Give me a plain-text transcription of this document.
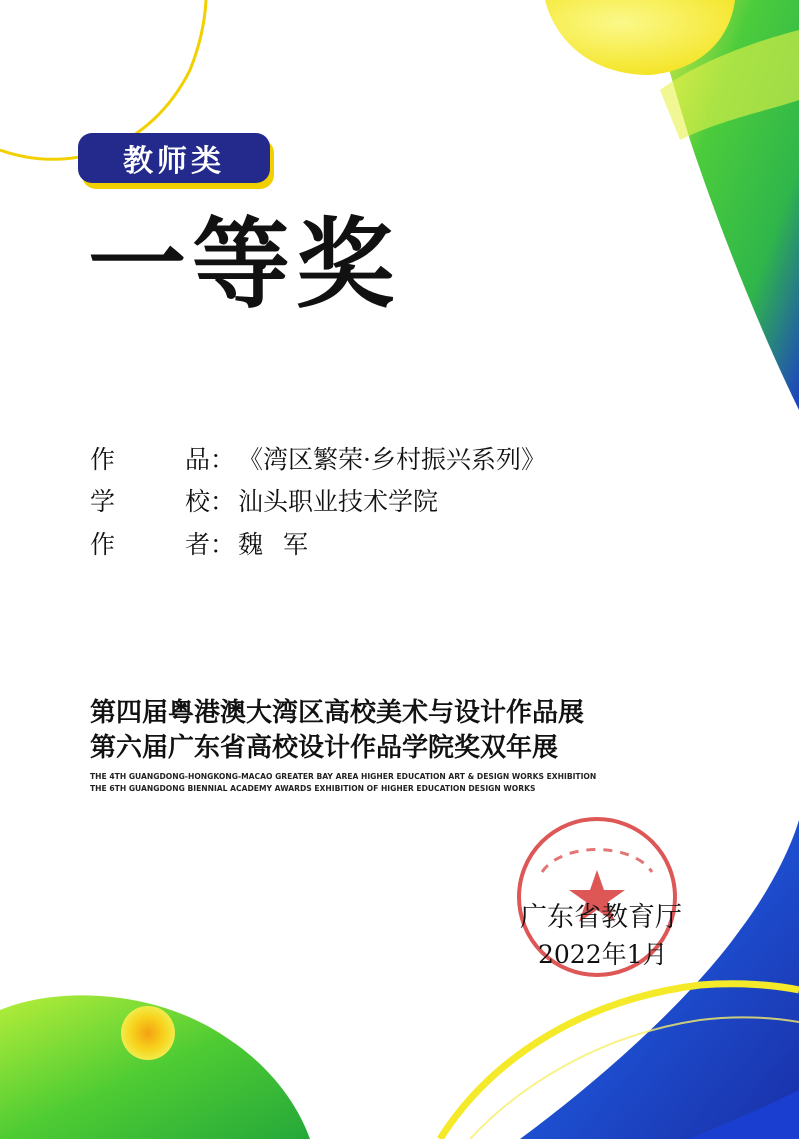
教师类
一等奖
作 品： 《湾区繁荣·乡村振兴系列》
学 校： 汕头职业技术学院
作 者： 魏 军
第四届粤港澳大湾区高校美术与设计作品展
第六届广东省高校设计作品学院奖双年展
THE 4TH GUANGDONG-HONGKONG-MACAO GREATER BAY AREA HIGHER EDUCATION ART & DESIGN WORKS EXHIBITION
THE 6TH GUANGDONG BIENNIAL ACADEMY AWARDS EXHIBITION OF HIGHER EDUCATION DESIGN WORKS
广东省教育厅
2022年1月
